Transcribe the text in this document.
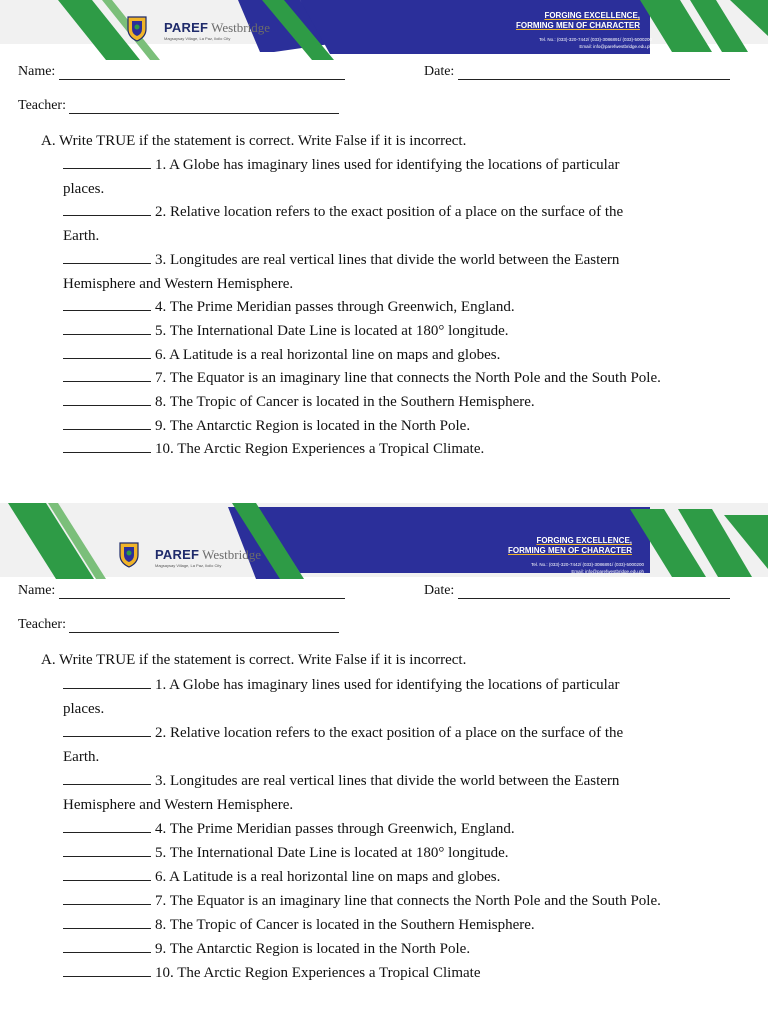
PAREF Westbridge
Magsaysay Village, La Paz, Iloilo City
FORGING EXCELLENCE,
FORMING MEN OF CHARACTER
Tel. No.: (033)-320-7442/ (033)-3086891/ (033)-5000200
Email: info@parefwestbridge.edu.ph
Name:	Date:
Teacher:
A. Write TRUE if the statement is correct. Write False if it is incorrect.
1. A Globe has imaginary lines used for identifying the locations of particular
places.
2. Relative location refers to the exact position of a place on the surface of the
Earth.
3. Longitudes are real vertical lines that divide the world between the Eastern
Hemisphere and Western Hemisphere.
4. The Prime Meridian passes through Greenwich, England.
5. The International Date Line is located at 180° longitude.
6. A Latitude is a real horizontal line on maps and globes.
7. The Equator is an imaginary line that connects the North Pole and the South Pole.
8. The Tropic of Cancer is located in the Southern Hemisphere.
9. The Antarctic Region is located in the North Pole.
10. The Arctic Region Experiences a Tropical Climate.
PAREF Westbridge
Magsaysay Village, La Paz, Iloilo City
FORGING EXCELLENCE,
FORMING MEN OF CHARACTER
Tel. No.: (033)-320-7442/ (033)-3086891/ (033)-5000200
Email: info@parefwestbridge.edu.ph
Name:	Date:
Teacher:
A. Write TRUE if the statement is correct. Write False if it is incorrect.
1. A Globe has imaginary lines used for identifying the locations of particular
places.
2. Relative location refers to the exact position of a place on the surface of the
Earth.
3. Longitudes are real vertical lines that divide the world between the Eastern
Hemisphere and Western Hemisphere.
4. The Prime Meridian passes through Greenwich, England.
5. The International Date Line is located at 180° longitude.
6. A Latitude is a real horizontal line on maps and globes.
7. The Equator is an imaginary line that connects the North Pole and the South Pole.
8. The Tropic of Cancer is located in the Southern Hemisphere.
9. The Antarctic Region is located in the North Pole.
10. The Arctic Region Experiences a Tropical Climate
